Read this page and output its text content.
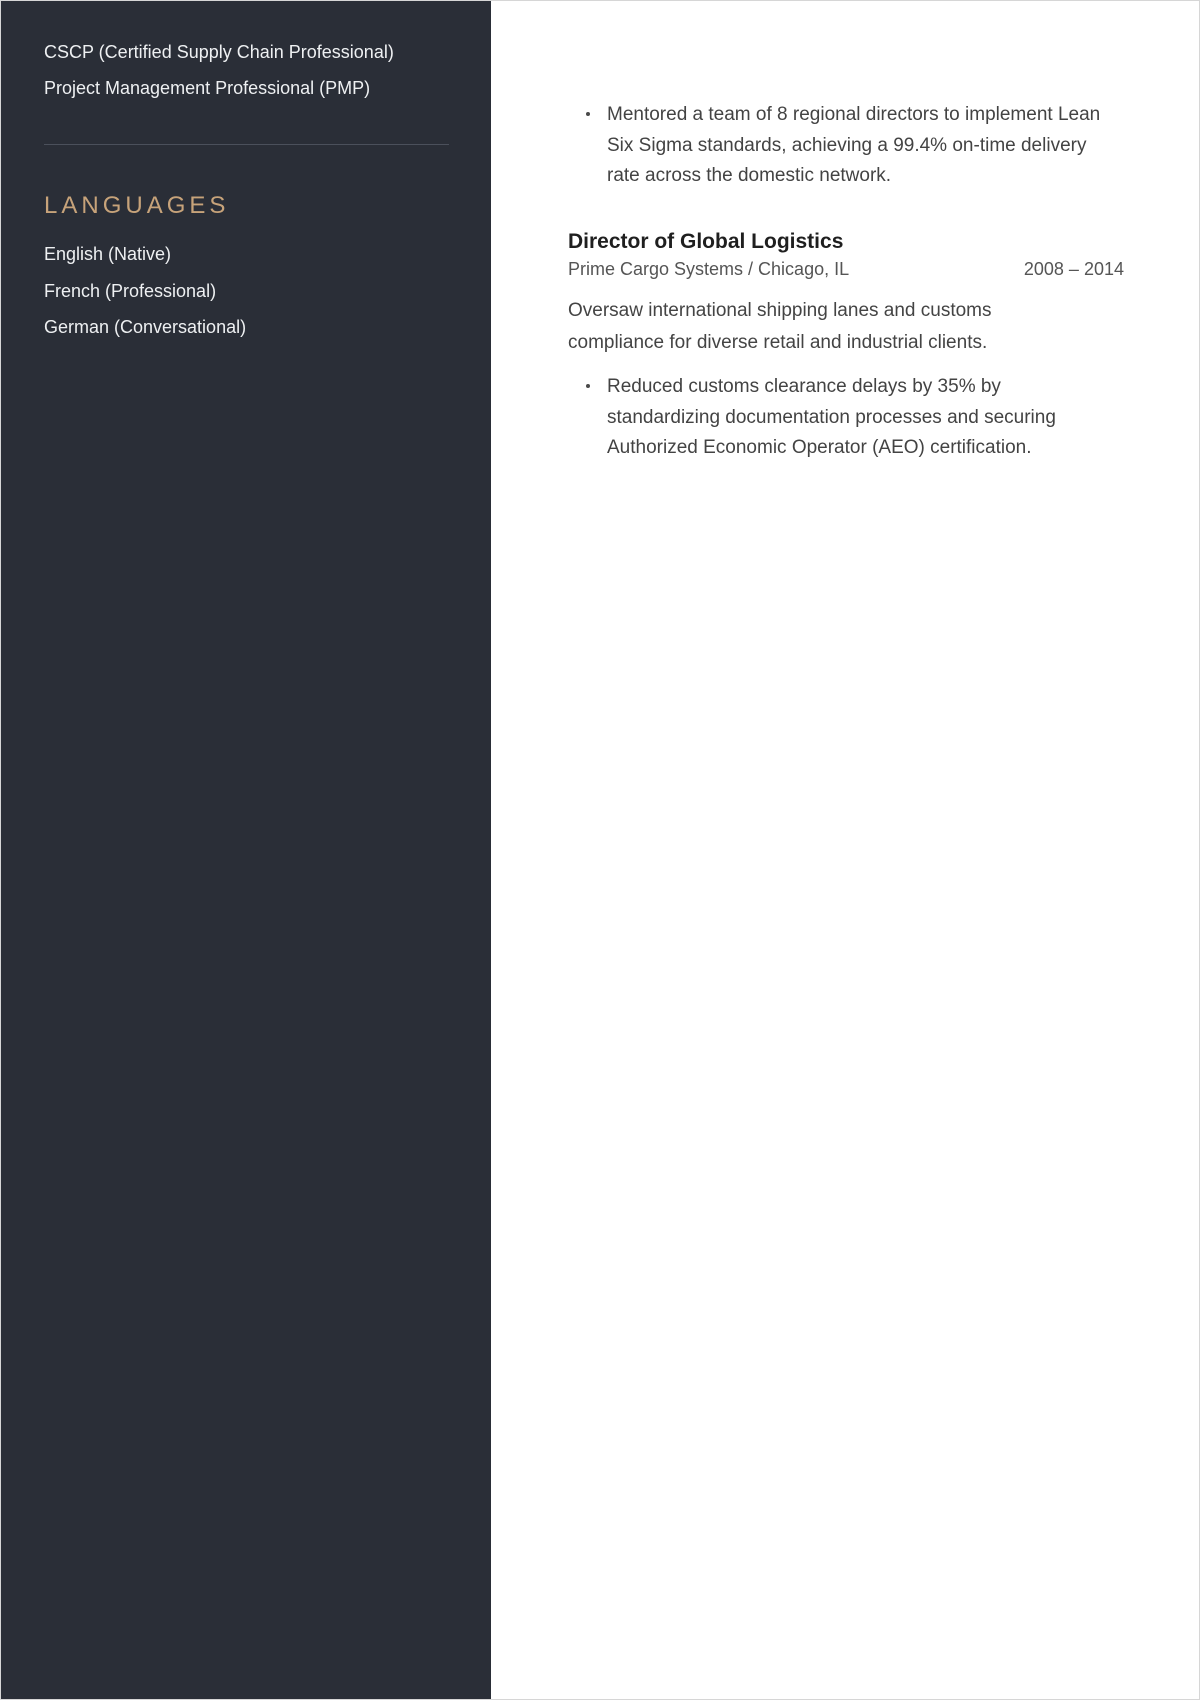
CSCP (Certified Supply Chain Professional)

Project Management Professional (PMP)

LANGUAGES

English (Native)

French (Professional)

German (Conversational)

Mentored a team of 8 regional directors to implement Lean Six Sigma standards, achieving a 99.4% on-time delivery rate across the domestic network.

Director of Global Logistics

Prime Cargo Systems / Chicago, IL	2008 – 2014

Oversaw international shipping lanes and customs compliance for diverse retail and industrial clients.

Reduced customs clearance delays by 35% by standardizing documentation processes and securing Authorized Economic Operator (AEO) certification.
